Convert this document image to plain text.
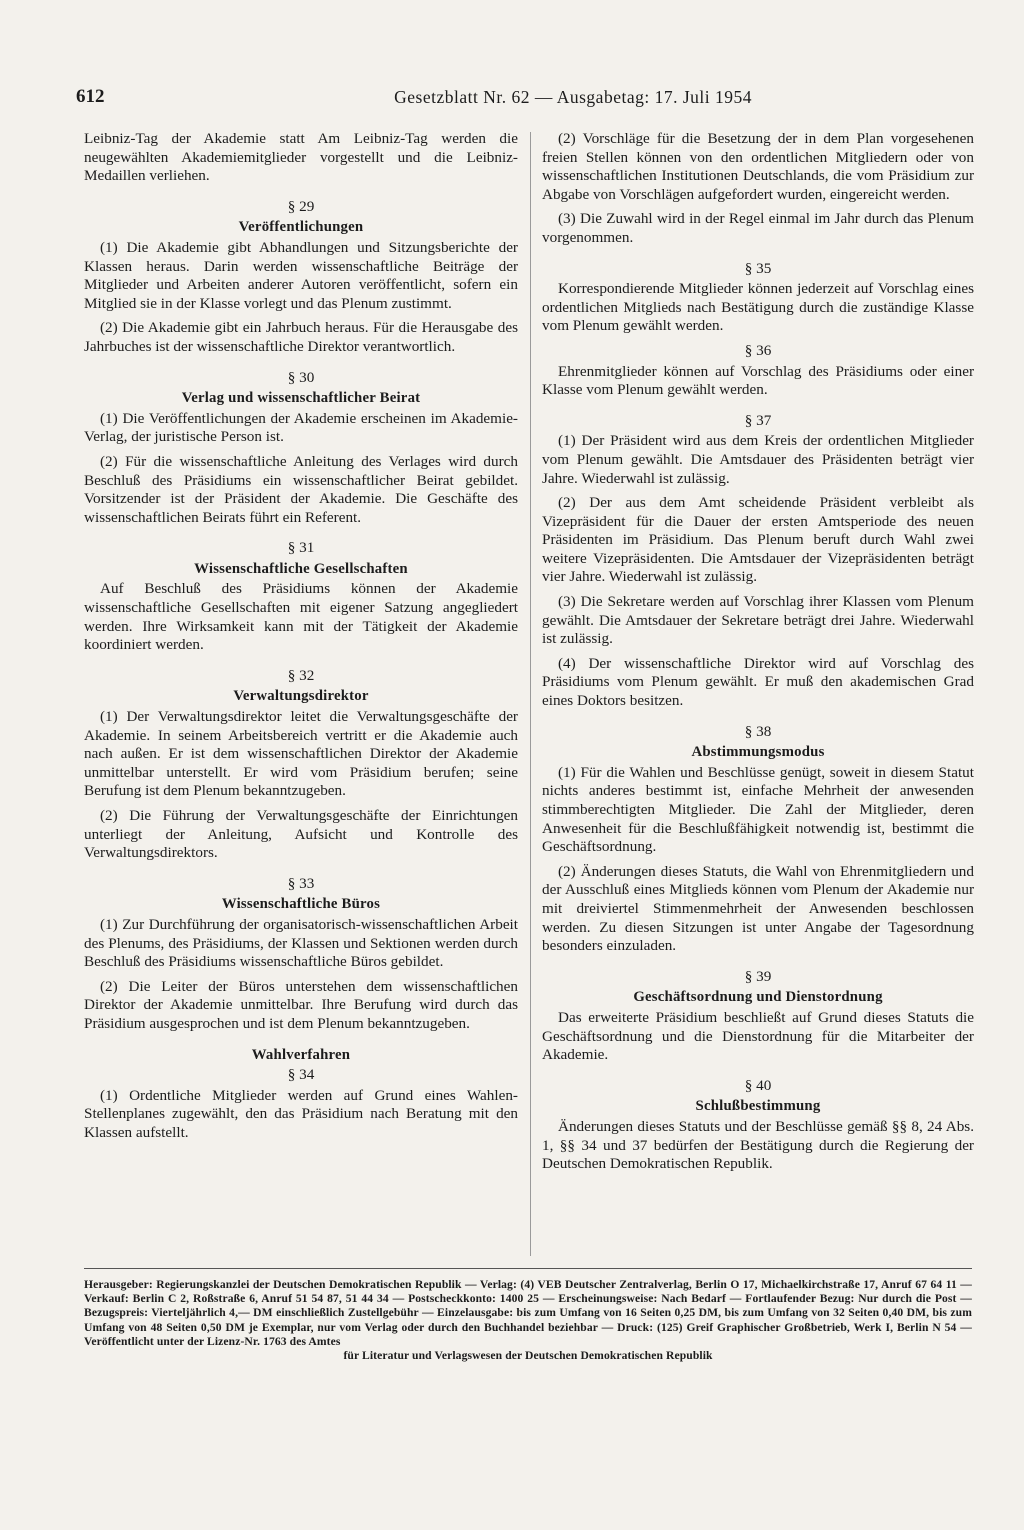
612	Gesetzblatt Nr. 62 — Ausgabetag: 17. Juli 1954

Leibniz-Tag der Akademie statt Am Leibniz-Tag werden die neugewählten Akademiemitglieder vorgestellt und die Leibniz-Medaillen verliehen.

§ 29
Veröffentlichungen

(1) Die Akademie gibt Abhandlungen und Sitzungsberichte der Klassen heraus. Darin werden wissenschaftliche Beiträge der Mitglieder und Arbeiten anderer Autoren veröffentlicht, sofern ein Mitglied sie in der Klasse vorlegt und das Plenum zustimmt.

(2) Die Akademie gibt ein Jahrbuch heraus. Für die Herausgabe des Jahrbuches ist der wissenschaftliche Direktor verantwortlich.

§ 30
Verlag und wissenschaftlicher Beirat

(1) Die Veröffentlichungen der Akademie erscheinen im Akademie-Verlag, der juristische Person ist.

(2) Für die wissenschaftliche Anleitung des Verlages wird durch Beschluß des Präsidiums ein wissenschaftlicher Beirat gebildet. Vorsitzender ist der Präsident der Akademie. Die Geschäfte des wissenschaftlichen Beirats führt ein Referent.

§ 31
Wissenschaftliche Gesellschaften

Auf Beschluß des Präsidiums können der Akademie wissenschaftliche Gesellschaften mit eigener Satzung angegliedert werden. Ihre Wirksamkeit kann mit der Tätigkeit der Akademie koordiniert werden.

§ 32
Verwaltungsdirektor

(1) Der Verwaltungsdirektor leitet die Verwaltungsgeschäfte der Akademie. In seinem Arbeitsbereich vertritt er die Akademie auch nach außen. Er ist dem wissenschaftlichen Direktor der Akademie unmittelbar unterstellt. Er wird vom Präsidium berufen; seine Berufung ist dem Plenum bekanntzugeben.

(2) Die Führung der Verwaltungsgeschäfte der Einrichtungen unterliegt der Anleitung, Aufsicht und Kontrolle des Verwaltungsdirektors.

§ 33
Wissenschaftliche Büros

(1) Zur Durchführung der organisatorisch-wissenschaftlichen Arbeit des Plenums, des Präsidiums, der Klassen und Sektionen werden durch Beschluß des Präsidiums wissenschaftliche Büros gebildet.

(2) Die Leiter der Büros unterstehen dem wissenschaftlichen Direktor der Akademie unmittelbar. Ihre Berufung wird durch das Präsidium ausgesprochen und ist dem Plenum bekanntzugeben.

Wahlverfahren
§ 34

(1) Ordentliche Mitglieder werden auf Grund eines Wahlen-Stellenplanes zugewählt, den das Präsidium nach Beratung mit den Klassen aufstellt.

(2) Vorschläge für die Besetzung der in dem Plan vorgesehenen freien Stellen können von den ordentlichen Mitgliedern oder von wissenschaftlichen Institutionen Deutschlands, die vom Präsidium zur Abgabe von Vorschlägen aufgefordert wurden, eingereicht werden.

(3) Die Zuwahl wird in der Regel einmal im Jahr durch das Plenum vorgenommen.

§ 35

Korrespondierende Mitglieder können jederzeit auf Vorschlag eines ordentlichen Mitglieds nach Bestätigung durch die zuständige Klasse vom Plenum gewählt werden.

§ 36

Ehrenmitglieder können auf Vorschlag des Präsidiums oder einer Klasse vom Plenum gewählt werden.

§ 37

(1) Der Präsident wird aus dem Kreis der ordentlichen Mitglieder vom Plenum gewählt. Die Amtsdauer des Präsidenten beträgt vier Jahre. Wiederwahl ist zulässig.

(2) Der aus dem Amt scheidende Präsident verbleibt als Vizepräsident für die Dauer der ersten Amtsperiode des neuen Präsidenten im Präsidium. Das Plenum beruft durch Wahl zwei weitere Vizepräsidenten. Die Amtsdauer der Vizepräsidenten beträgt vier Jahre. Wiederwahl ist zulässig.

(3) Die Sekretare werden auf Vorschlag ihrer Klassen vom Plenum gewählt. Die Amtsdauer der Sekretare beträgt drei Jahre. Wiederwahl ist zulässig.

(4) Der wissenschaftliche Direktor wird auf Vorschlag des Präsidiums vom Plenum gewählt. Er muß den akademischen Grad eines Doktors besitzen.

§ 38
Abstimmungsmodus

(1) Für die Wahlen und Beschlüsse genügt, soweit in diesem Statut nichts anderes bestimmt ist, einfache Mehrheit der anwesenden stimmberechtigten Mitglieder. Die Zahl der Mitglieder, deren Anwesenheit für die Beschlußfähigkeit notwendig ist, bestimmt die Geschäftsordnung.

(2) Änderungen dieses Statuts, die Wahl von Ehrenmitgliedern und der Ausschluß eines Mitglieds können vom Plenum der Akademie nur mit dreiviertel Stimmenmehrheit der Anwesenden beschlossen werden. Zu diesen Sitzungen ist unter Angabe der Tagesordnung besonders einzuladen.

§ 39
Geschäftsordnung und Dienstordnung

Das erweiterte Präsidium beschließt auf Grund dieses Statuts die Geschäftsordnung und die Dienstordnung für die Mitarbeiter der Akademie.

§ 40
Schlußbestimmung

Änderungen dieses Statuts und der Beschlüsse gemäß §§ 8, 24 Abs. 1, §§ 34 und 37 bedürfen der Bestätigung durch die Regierung der Deutschen Demokratischen Republik.

Herausgeber: Regierungskanzlei der Deutschen Demokratischen Republik — Verlag: (4) VEB Deutscher Zentralverlag, Berlin O 17, Michaelkirchstraße 17, Anruf 67 64 11 — Verkauf: Berlin C 2, Roßstraße 6, Anruf 51 54 87, 51 44 34 — Postscheckkonto: 1400 25 — Erscheinungsweise: Nach Bedarf — Fortlaufender Bezug: Nur durch die Post — Bezugspreis: Vierteljährlich 4,— DM einschließlich Zustellgebühr — Einzelausgabe: bis zum Umfang von 16 Seiten 0,25 DM, bis zum Umfang von 32 Seiten 0,40 DM, bis zum Umfang von 48 Seiten 0,50 DM je Exemplar, nur vom Verlag oder durch den Buchhandel beziehbar — Druck: (125) Greif Graphischer Großbetrieb, Werk I, Berlin N 54 — Veröffentlicht unter der Lizenz-Nr. 1763 des Amtes
für Literatur und Verlagswesen der Deutschen Demokratischen Republik
